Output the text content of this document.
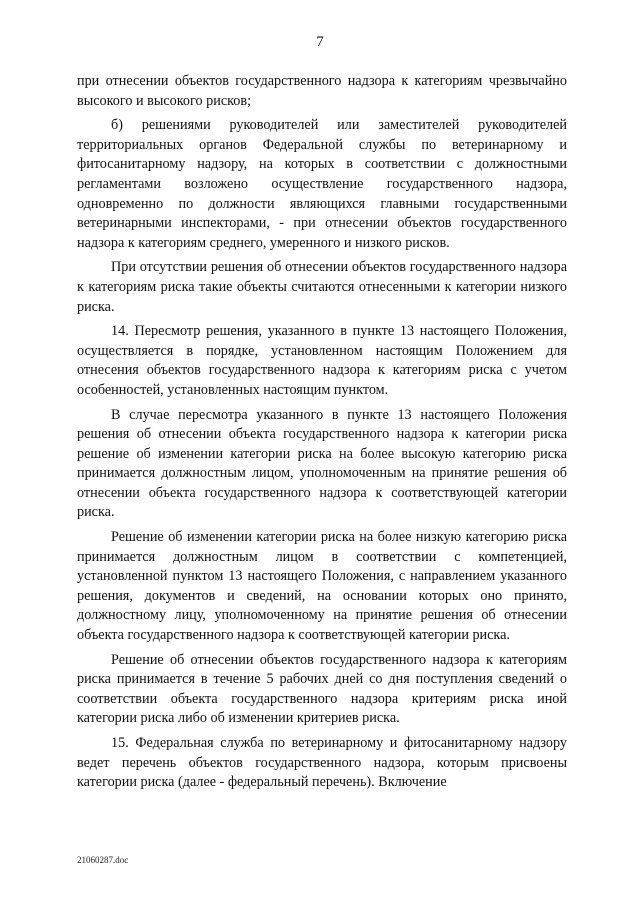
7

при отнесении объектов государственного надзора к категориям чрезвычайно высокого и высокого рисков;

б) решениями руководителей или заместителей руководителей территориальных органов Федеральной службы по ветеринарному и фитосанитарному надзору, на которых в соответствии с должностными регламентами возложено осуществление государственного надзора, одновременно по должности являющихся главными государственными ветеринарными инспекторами, - при отнесении объектов государственного надзора к категориям среднего, умеренного и низкого рисков.

При отсутствии решения об отнесении объектов государственного надзора к категориям риска такие объекты считаются отнесенными к категории низкого риска.

14. Пересмотр решения, указанного в пункте 13 настоящего Положения, осуществляется в порядке, установленном настоящим Положением для отнесения объектов государственного надзора к категориям риска с учетом особенностей, установленных настоящим пунктом.

В случае пересмотра указанного в пункте 13 настоящего Положения решения об отнесении объекта государственного надзора к категории риска решение об изменении категории риска на более высокую категорию риска принимается должностным лицом, уполномоченным на принятие решения об отнесении объекта государственного надзора к соответствующей категории риска.

Решение об изменении категории риска на более низкую категорию риска принимается должностным лицом в соответствии с компетенцией, установленной пунктом 13 настоящего Положения, с направлением указанного решения, документов и сведений, на основании которых оно принято, должностному лицу, уполномоченному на принятие решения об отнесении объекта государственного надзора к соответствующей категории риска.

Решение об отнесении объектов государственного надзора к категориям риска принимается в течение 5 рабочих дней со дня поступления сведений о соответствии объекта государственного надзора критериям риска иной категории риска либо об изменении критериев риска.

15. Федеральная служба по ветеринарному и фитосанитарному надзору ведет перечень объектов государственного надзора, которым присвоены категории риска (далее - федеральный перечень). Включение

21060287.doc
